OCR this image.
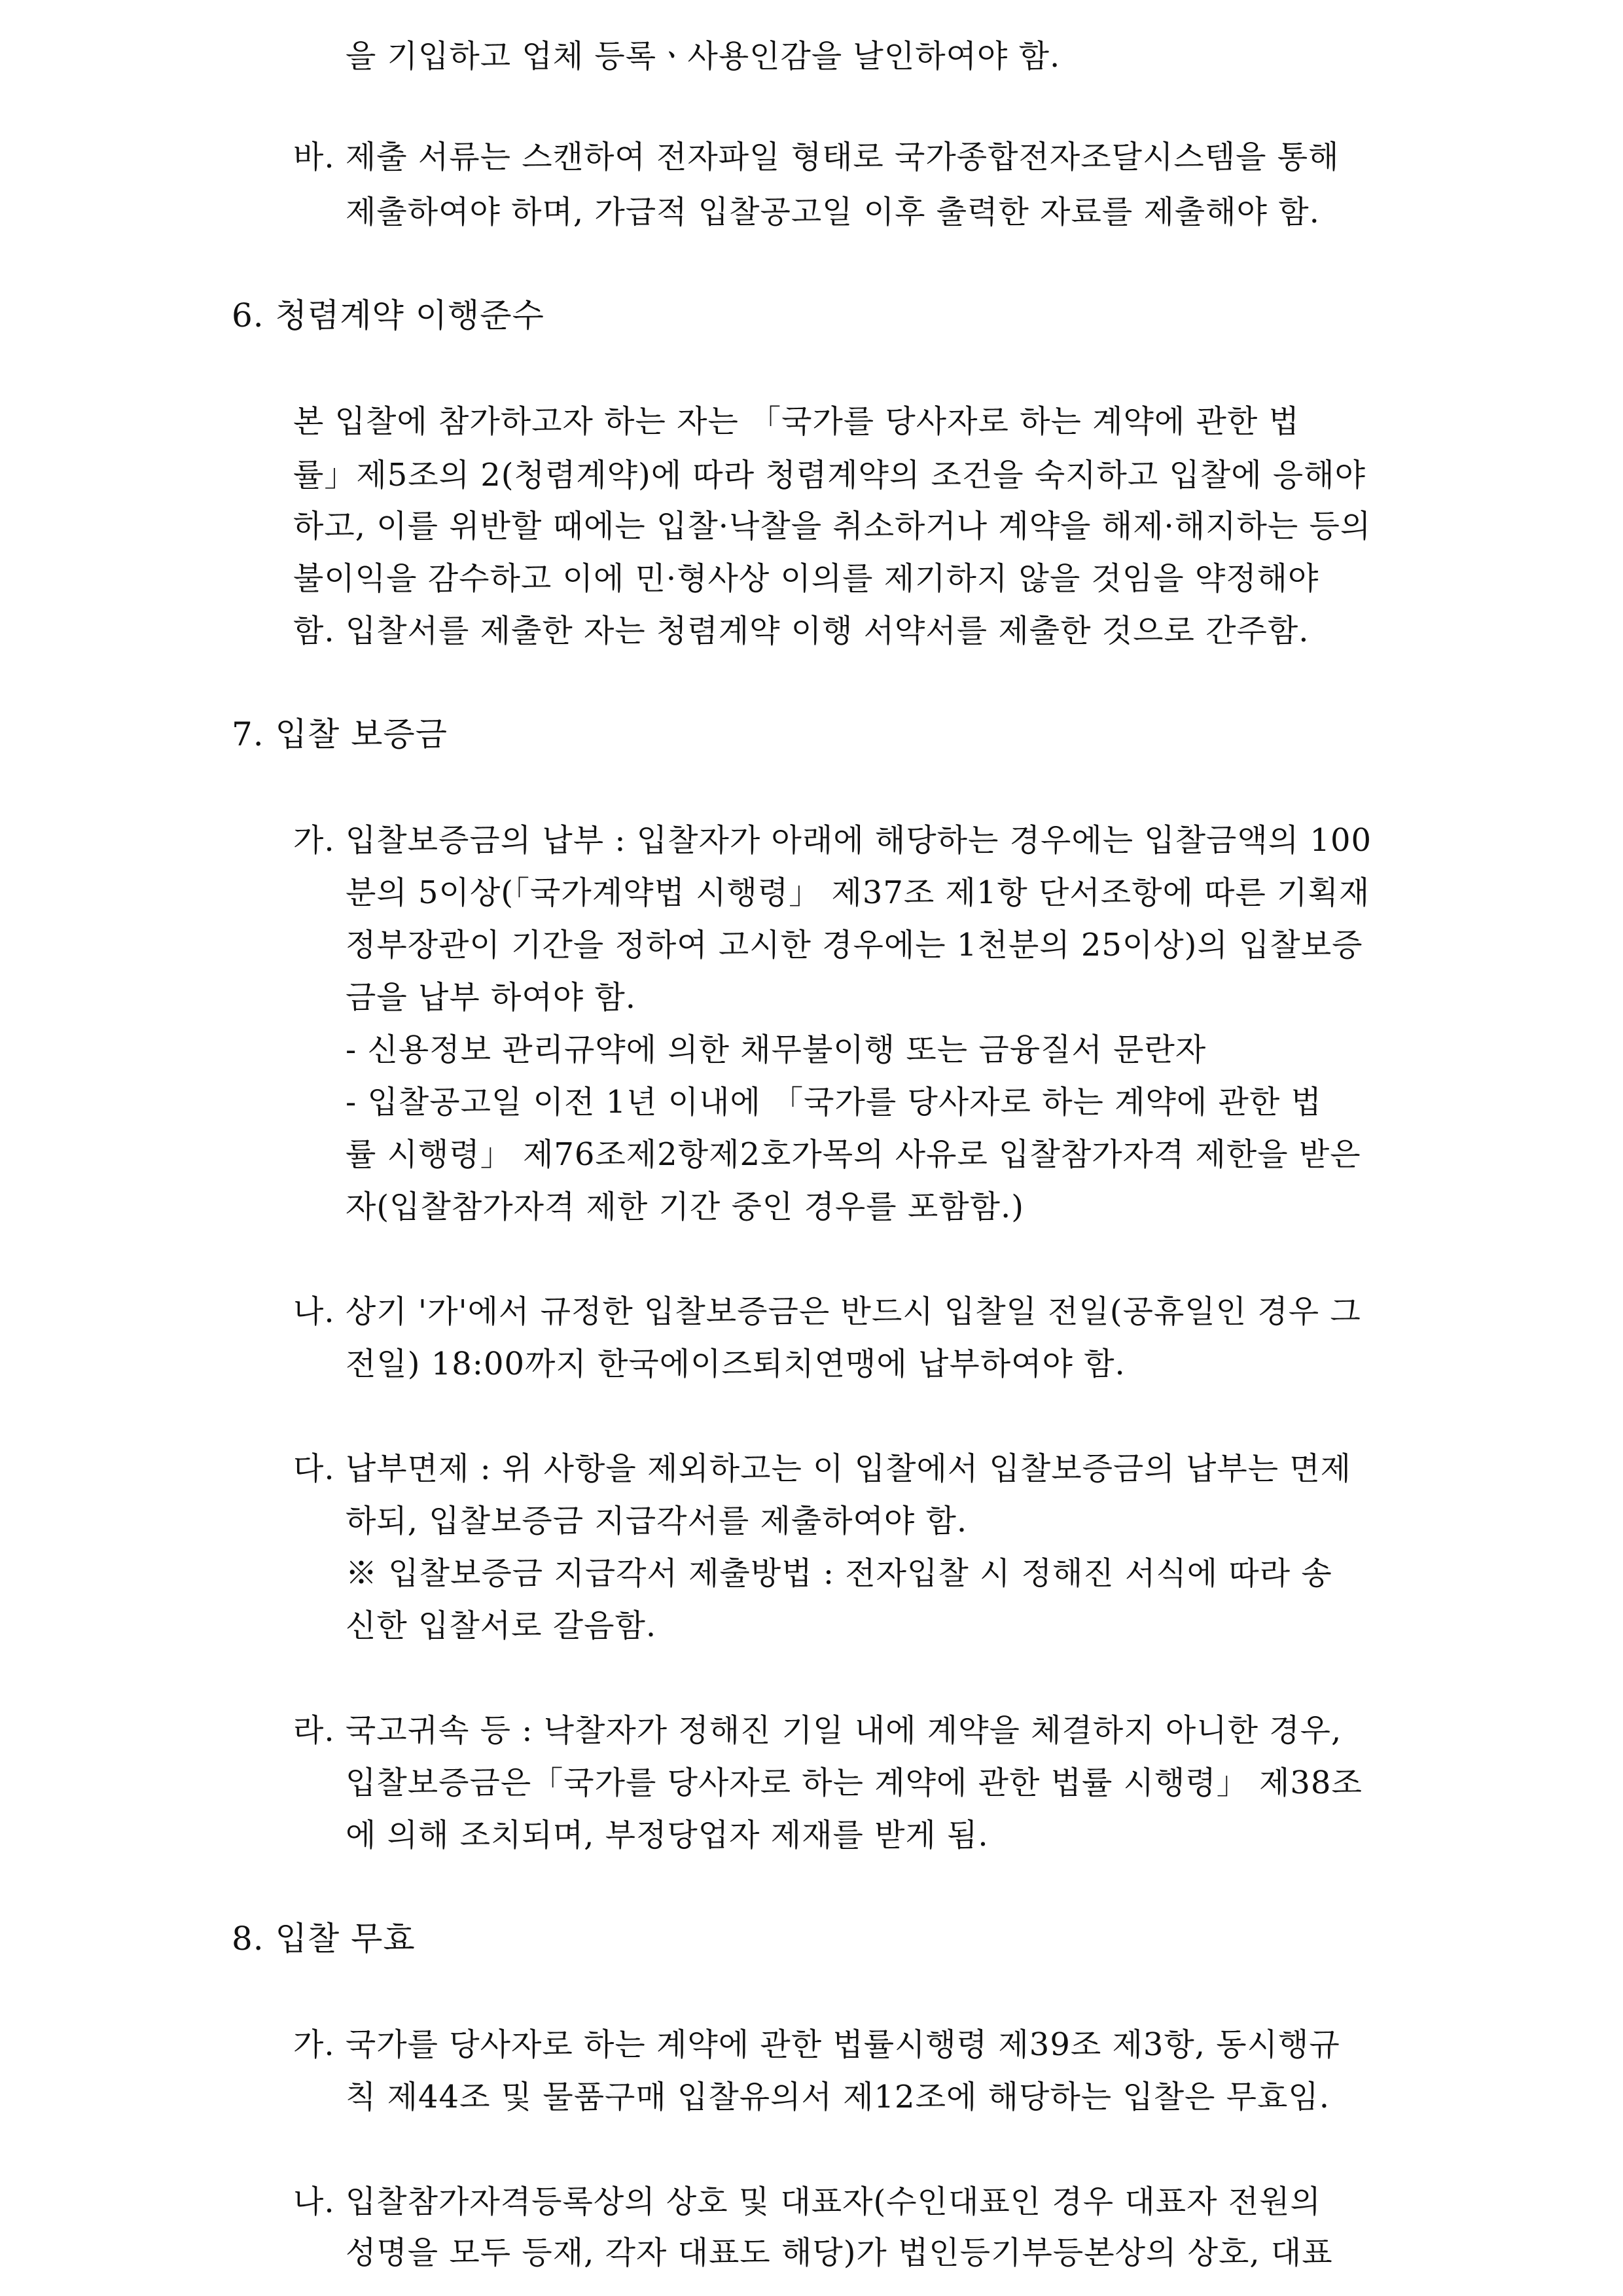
을 기입하고 업체 등록ㆍ사용인감을 날인하여야 함.
바. 제출 서류는 스캔하여 전자파일 형태로 국가종합전자조달시스템을 통해
제출하여야 하며, 가급적 입찰공고일 이후 출력한 자료를 제출해야 함.
6. 청렴계약 이행준수
본 입찰에 참가하고자 하는 자는 「국가를 당사자로 하는 계약에 관한 법
률」제5조의 2(청렴계약)에 따라 청렴계약의 조건을 숙지하고 입찰에 응해야
하고, 이를 위반할 때에는 입찰·낙찰을 취소하거나 계약을 해제·해지하는 등의
불이익을 감수하고 이에 민·형사상 이의를 제기하지 않을 것임을 약정해야
함. 입찰서를 제출한 자는 청렴계약 이행 서약서를 제출한 것으로 간주함.
7. 입찰 보증금
가. 입찰보증금의 납부 : 입찰자가 아래에 해당하는 경우에는 입찰금액의 100
분의 5이상(「국가계약법 시행령」 제37조 제1항 단서조항에 따른 기획재
정부장관이 기간을 정하여 고시한 경우에는 1천분의 25이상)의 입찰보증
금을 납부 하여야 함.
- 신용정보 관리규약에 의한 채무불이행 또는 금융질서 문란자
- 입찰공고일 이전 1년 이내에 「국가를 당사자로 하는 계약에 관한 법
률 시행령」 제76조제2항제2호가목의 사유로 입찰참가자격 제한을 받은
자(입찰참가자격 제한 기간 중인 경우를 포함함.)
나. 상기 '가'에서 규정한 입찰보증금은 반드시 입찰일 전일(공휴일인 경우 그
전일) 18:00까지 한국에이즈퇴치연맹에 납부하여야 함.
다. 납부면제 : 위 사항을 제외하고는 이 입찰에서 입찰보증금의 납부는 면제
하되, 입찰보증금 지급각서를 제출하여야 함.
※ 입찰보증금 지급각서 제출방법 : 전자입찰 시 정해진 서식에 따라 송
신한 입찰서로 갈음함.
라. 국고귀속 등 : 낙찰자가 정해진 기일 내에 계약을 체결하지 아니한 경우,
입찰보증금은「국가를 당사자로 하는 계약에 관한 법률 시행령」 제38조
에 의해 조치되며, 부정당업자 제재를 받게 됨.
8. 입찰 무효
가. 국가를 당사자로 하는 계약에 관한 법률시행령 제39조 제3항, 동시행규
칙 제44조 및 물품구매 입찰유의서 제12조에 해당하는 입찰은 무효임.
나. 입찰참가자격등록상의 상호 및 대표자(수인대표인 경우 대표자 전원의
성명을 모두 등재, 각자 대표도 해당)가 법인등기부등본상의 상호, 대표
